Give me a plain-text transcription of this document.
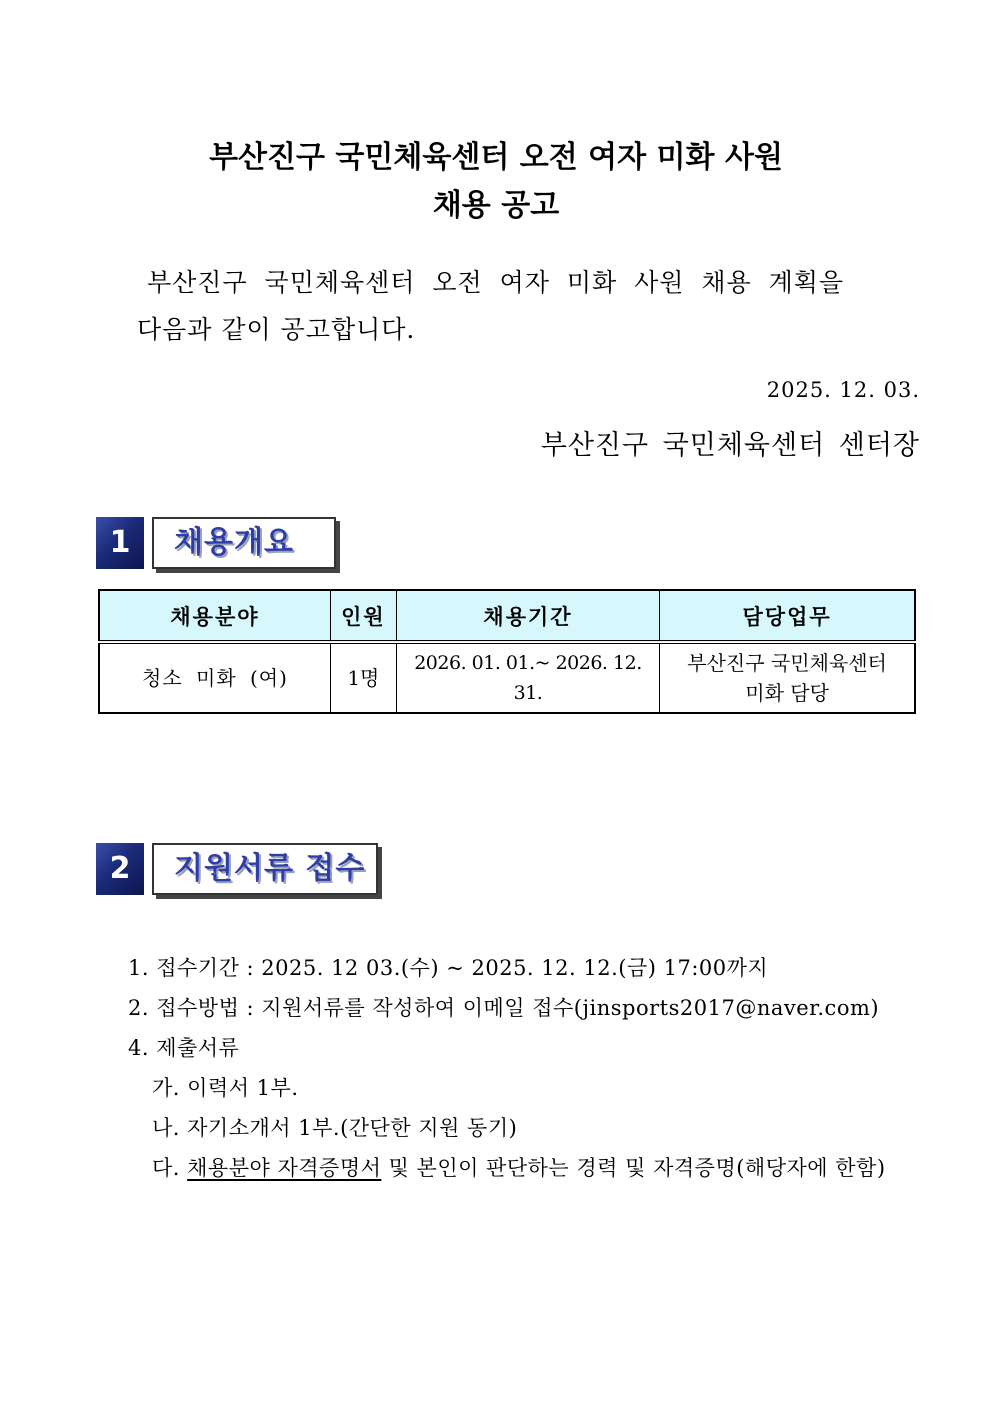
부산진구 국민체육센터 오전 여자 미화 사원
채용 공고
부산진구 국민체육센터 오전 여자 미화 사원 채용 계획을
다음과 같이 공고합니다.
2025. 12. 03.
부산진구 국민체육센터 센터장
1	채용개요
채용분야	인원	채용기간	담당업무
청소 미화 (여)	1명	2026. 01. 01.~ 2026. 12. 31.	부산진구 국민체육센터
미화 담당
2	지원서류 접수
1. 접수기간 : 2025. 12 03.(수) ~ 2025. 12. 12.(금) 17:00까지
2. 접수방법 : 지원서류를 작성하여 이메일 접수(jinsports2017@naver.com)
4. 제출서류
가. 이력서 1부.
나. 자기소개서 1부.(간단한 지원 동기)
다. 채용분야 자격증명서 및 본인이 판단하는 경력 및 자격증명(해당자에 한함)
